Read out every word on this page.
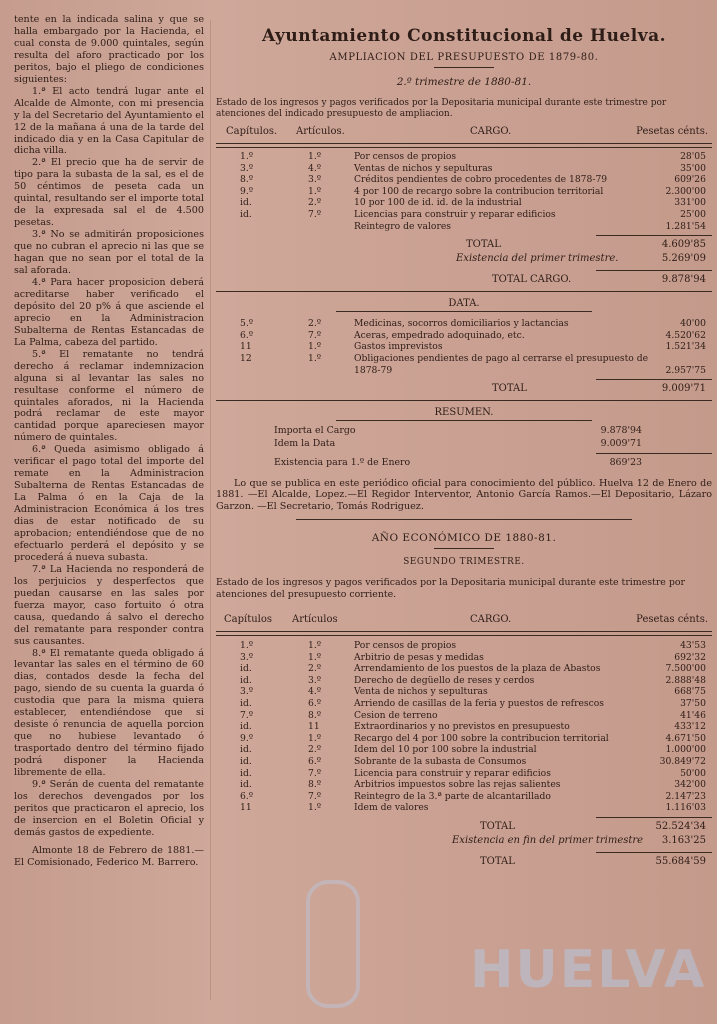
tente en la indicada salina y que se halla embargado por la Hacienda, el cual consta de 9.000 quintales, según resulta del aforo practicado por los peritos, bajo el pliego de condiciones siguientes:

1.ª El acto tendrá lugar ante el Alcalde de Almonte, con mi presencia y la del Secretario del Ayuntamiento el 12 de la mañana á una de la tarde del indicado dia y en la Casa Capitular de dicha villa.

2.ª El precio que ha de servir de tipo para la subasta de la sal, es el de 50 céntimos de peseta cada un quintal, resultando ser el importe total de la expresada sal el de 4.500 pesetas.

3.ª No se admitirán proposiciones que no cubran el aprecio ni las que se hagan que no sean por el total de la sal aforada.

4.ª Para hacer proposicion deberá acreditarse haber verificado el depósito del 20 p% á que asciende el aprecio en la Administracion Subalterna de Rentas Estancadas de La Palma, cabeza del partido.

5.ª El rematante no tendrá derecho á reclamar indemnizacion alguna si al levantar las sales no resultase conforme el número de quintales aforados, ni la Hacienda podrá reclamar de este mayor cantidad porque apareciesen mayor número de quintales.

6.ª Queda asimismo obligado á verificar el pago total del importe del remate en la Administracion Subalterna de Rentas Estancadas de La Palma ó en la Caja de la Administracion Económica á los tres dias de estar notificado de su aprobacion; entendiéndose que de no efectuarlo perderá el depósito y se procederá á nueva subasta.

7.ª La Hacienda no responderá de los perjuicios y desperfectos que puedan causarse en las sales por fuerza mayor, caso fortuito ó otra causa, quedando á salvo el derecho del rematante para responder contra sus causantes.

8.ª El rematante queda obligado á levantar las sales en el término de 60 dias, contados desde la fecha del pago, siendo de su cuenta la guarda ó custodia que para la misma quiera establecer, entendiéndose que si desiste ó renuncia de aquella porcion que no hubiese levantado ó trasportado dentro del término fijado podrá disponer la Hacienda libremente de ella.

9.ª Serán de cuenta del rematante los derechos devengados por los peritos que practicaron el aprecio, los de insercion en el Boletin Oficial y demás gastos de expediente.

Almonte 18 de Febrero de 1881.—El Comisionado, Federico M. Barrero.

Ayuntamiento Constitucional de Huelva.
AMPLIACION DEL PRESUPUESTO DE 1879-80.
2.º trimestre de 1880-81.
Estado de los ingresos y pagos verificados por la Depositaria municipal durante este trimestre por atenciones del indicado presupuesto de ampliacion.
Capítulos. Artículos.	CARGO.	Pesetas cénts.
1.º	1.º	Por censos de propios	28'05
3.º	4.º	Ventas de nichos y sepulturas	35'00
8.º	3.º	Créditos pendientes de cobro procedentes de 1878-79	609'26
9.º	1.º	4 por 100 de recargo sobre la contribucion territorial	2.300'00
id.	2.º	10 por 100 de id. id. de la industrial	331'00
id.	7.º	Licencias para construir y reparar edificios	25'00
Reintegro de valores	1.281'54
TOTAL	4.609'85
Existencia del primer trimestre.	5.269'09
TOTAL CARGO.	9.878'94
DATA.
5.º	2.º	Medicinas, socorros domiciliarios y lactancias	40'00
6.º	7.º	Aceras, empedrado adoquinado, etc.	4.520'62
11	1.º	Gastos imprevistos	1.521'34
12	1.º	Obligaciones pendientes de pago al cerrarse el presupuesto de
1878-79	2.957'75
TOTAL	9.009'71
RESUMEN.
Importa el Cargo	9.878'94
Idem la Data	9.009'71
Existencia para 1.º de Enero	869'23
Lo que se publica en este periódico oficial para conocimiento del público. Huelva 12 de Enero de 1881. —El Alcalde, Lopez.—El Regidor Interventor, Antonio García Ramos.—El Depositario, Lázaro Garzon. —El Secretario, Tomás Rodriguez.
AÑO ECONÓMICO DE 1880-81.
SEGUNDO TRIMESTRE.
Estado de los ingresos y pagos verificados por la Depositaria municipal durante este trimestre por atenciones del presupuesto corriente.
Capítulos Artículos	CARGO.	Pesetas cénts.
1.º	1.º	Por censos de propios	43'53
3.º	1.º	Arbitrio de pesas y medidas	692'32
id.	2.º	Arrendamiento de los puestos de la plaza de Abastos	7.500'00
id.	3.º	Derecho de degüello de reses y cerdos	2.888'48
3.º	4.º	Venta de nichos y sepulturas	668'75
id.	6.º	Arriendo de casillas de la feria y puestos de refrescos	37'50
7.º	8.º	Cesion de terreno	41'46
id.	11	Extraordinarios y no previstos en presupuesto	433'12
9.º	1.º	Recargo del 4 por 100 sobre la contribucion territorial	4.671'50
id.	2.º	Idem del 10 por 100 sobre la industrial	1.000'00
id.	6.º	Sobrante de la subasta de Consumos	30.849'72
id.	7.º	Licencia para construir y reparar edificios	50'00
id.	8.º	Arbitrios impuestos sobre las rejas salientes	342'00
6.º	7.º	Reintegro de la 3.ª parte de alcantarillado	2.147'23
11	1.º	Idem de valores	1.116'03
TOTAL	52.524'34
Existencia en fin del primer trimestre 3.163'25
TOTAL	55.684'59
HUELVA
